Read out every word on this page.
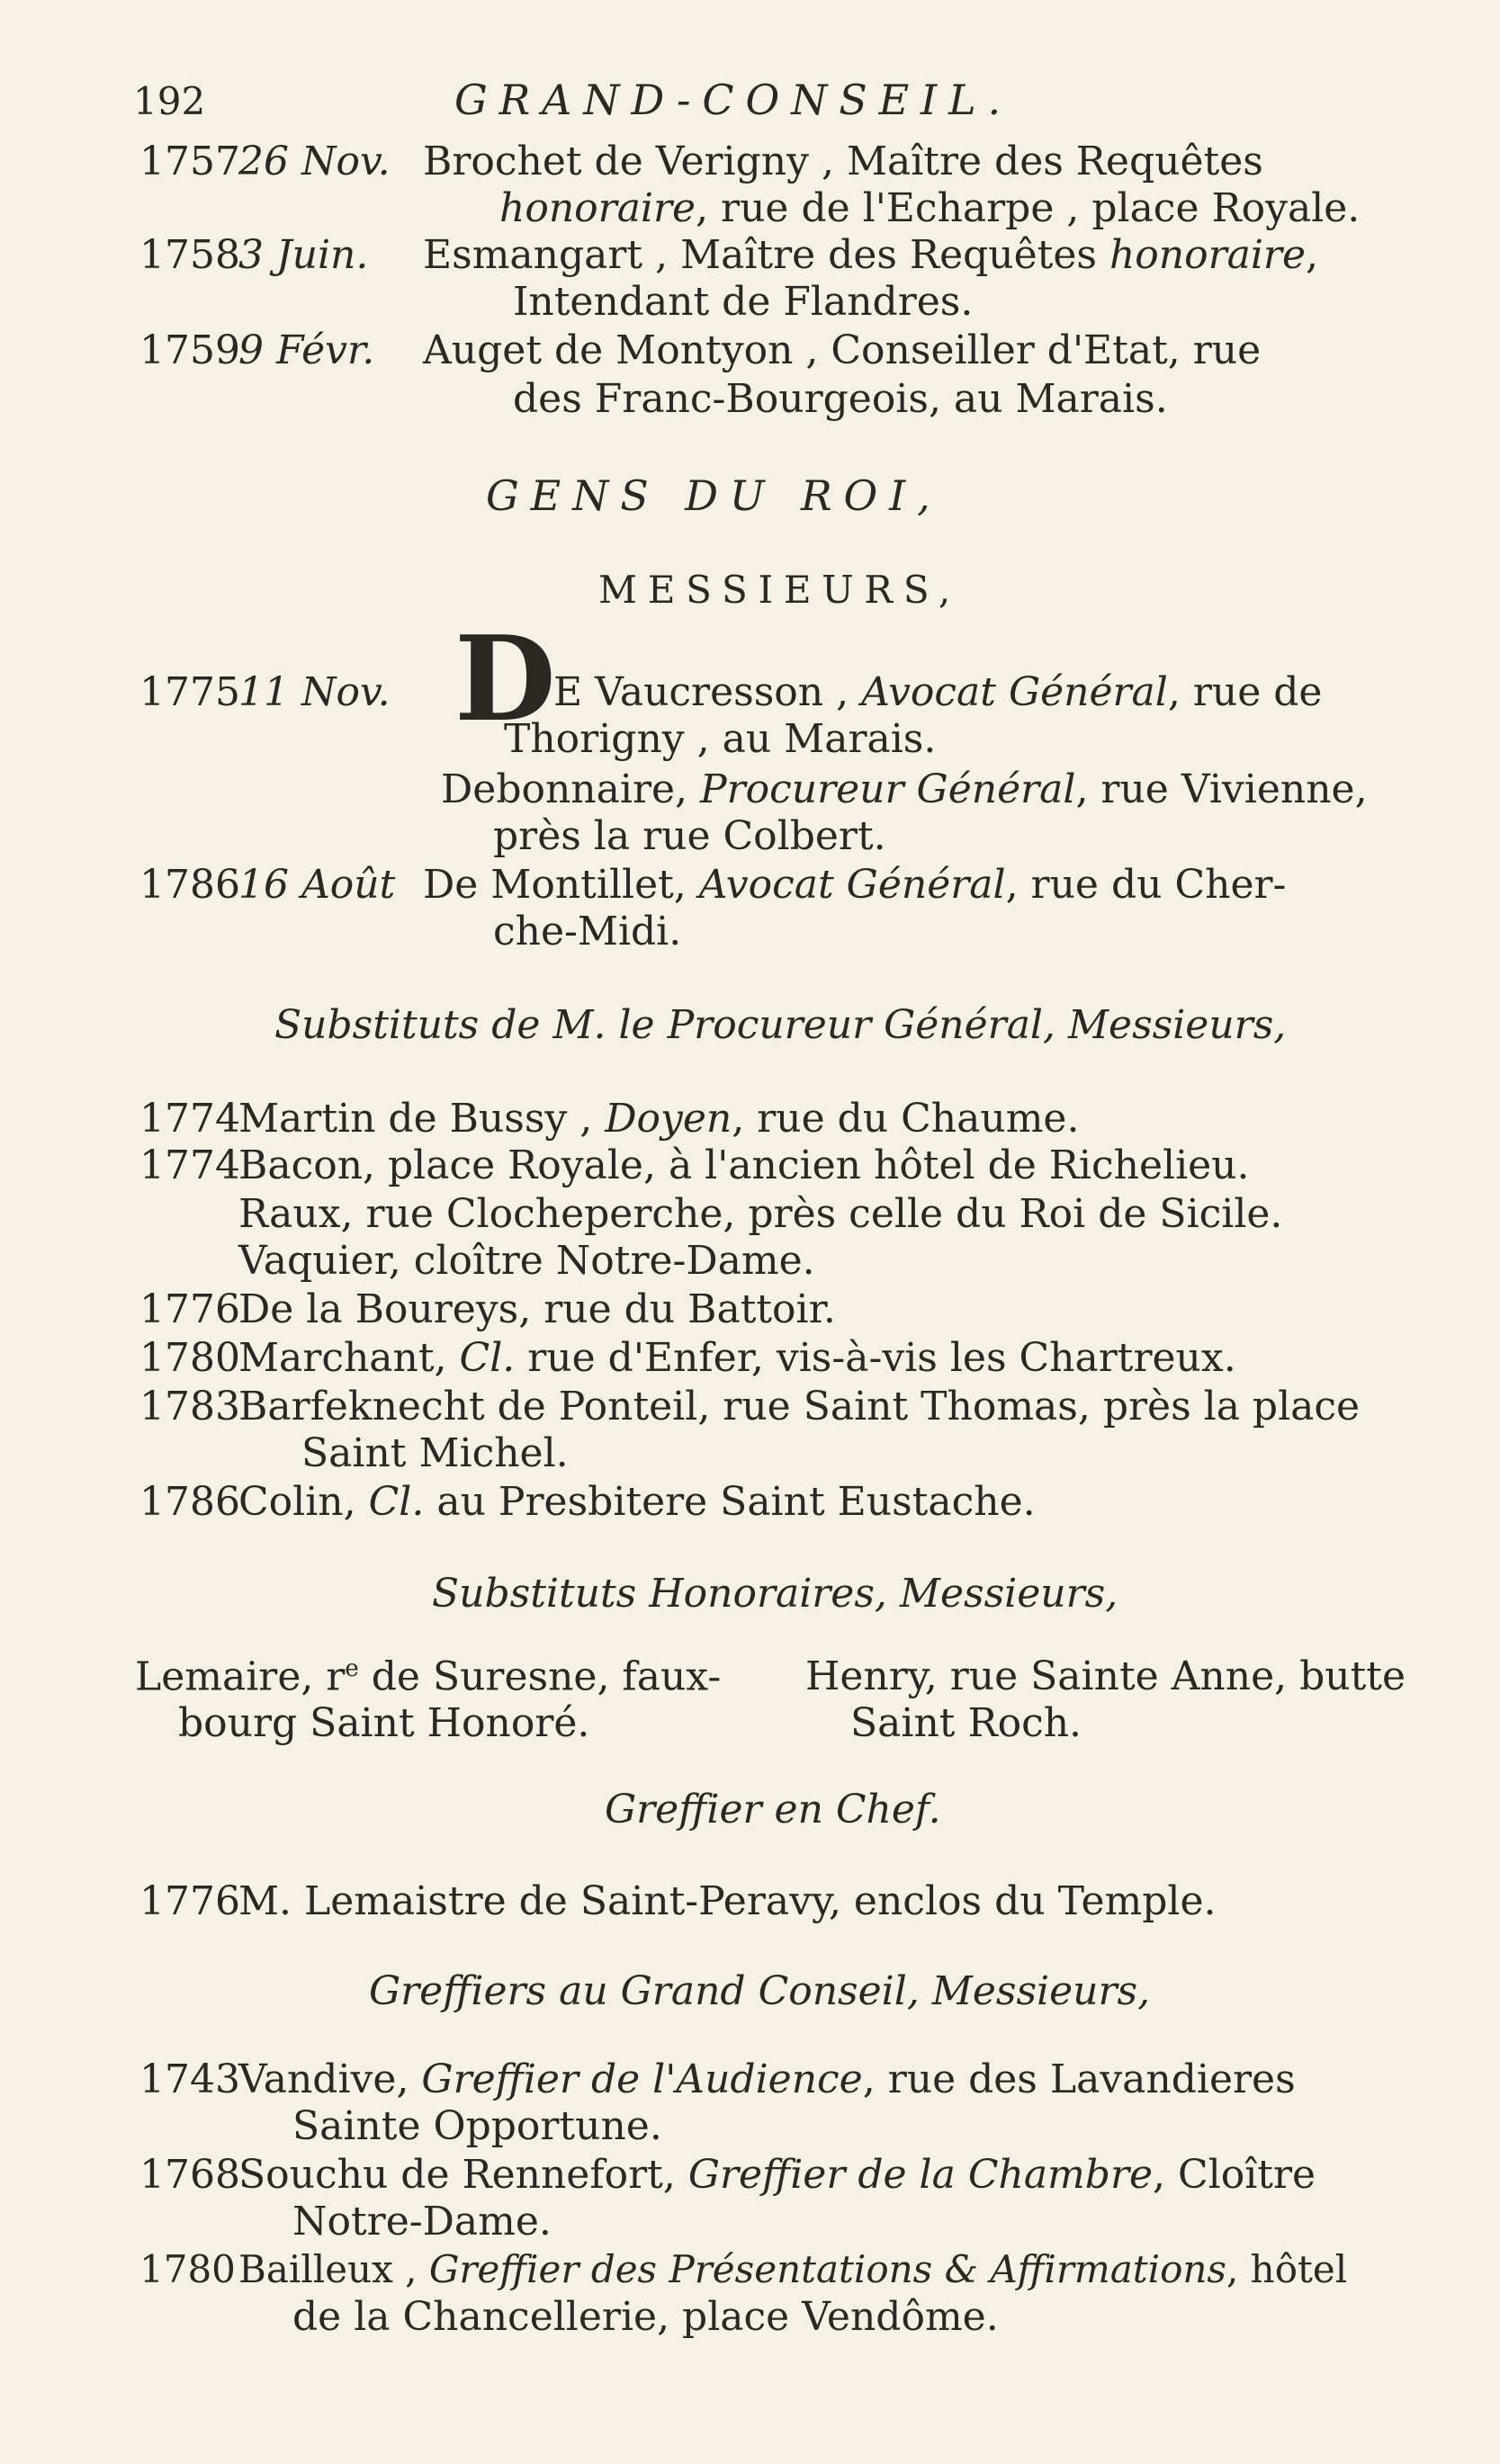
192	GRAND-CONSEIL.
175726 Nov. Brochet de Verigny , Maître des Requêtes
honoraire, rue de l'Echarpe , place Royale.
17583 Juin. Esmangart , Maître des Requêtes honoraire,
Intendant de Flandres.
17599 Févr. Auget de Montyon , Conseiller d'Etat, rue
des Franc-Bourgeois, au Marais.
GENS DU ROI,
MESSIEURS,
D
177511 Nov.	E Vaucresson , Avocat Général, rue de
Thorigny , au Marais.
Debonnaire, Procureur Général, rue Vivienne,
près la rue Colbert.
178616 Août De Montillet, Avocat Général, rue du Cher-
che-Midi.
Substituts de M. le Procureur Général, Messieurs,
1774Martin de Bussy , Doyen, rue du Chaume.
1774Bacon, place Royale, à l'ancien hôtel de Richelieu.
Raux, rue Clocheperche, près celle du Roi de Sicile.
Vaquier, cloître Notre-Dame.
1776De la Boureys, rue du Battoir.
1780Marchant, Cl. rue d'Enfer, vis-à-vis les Chartreux.
1783Barfeknecht de Ponteil, rue Saint Thomas, près la place
Saint Michel.
1786Colin, Cl. au Presbitere Saint Eustache.
Substituts Honoraires, Messieurs,
Lemaire, $r^e$ de Suresne, faux-
bourg Saint Honoré.
Henry, rue Sainte Anne, butte
Saint Roch.
Greffier en Chef.
1776M. Lemaistre de Saint-Peravy, enclos du Temple.
Greffiers au Grand Conseil, Messieurs,
1743Vandive, Greffier de l'Audience, rue des Lavandieres
Sainte Opportune.
1768Souchu de Rennefort, Greffier de la Chambre, Cloître
Notre-Dame.
1780Bailleux , Greffier des Présentations & Affirmations, hôtel
de la Chancellerie, place Vendôme.
